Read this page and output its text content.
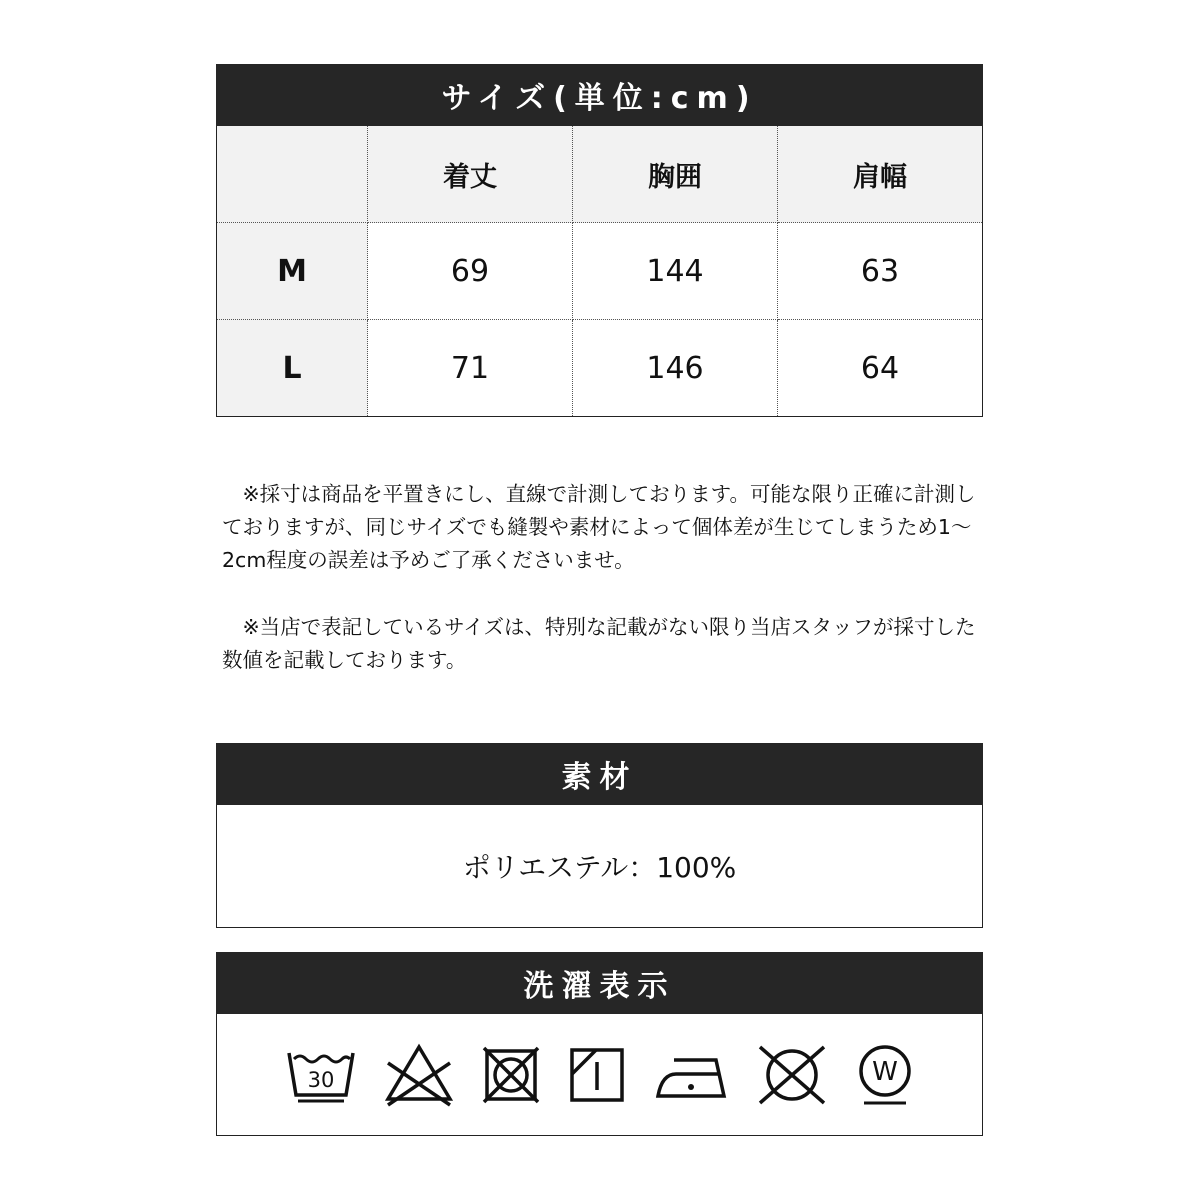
サイズ(単位:cm)
	着丈	胸囲	肩幅
M	69	144	63
L	71	146	64
　※採寸は商品を平置きにし、直線で計測しております。可能な限り正確に計測しておりますが、同じサイズでも縫製や素材によって個体差が生じてしまうため1～2cm程度の誤差は予めご了承くださいませ。
　※当店で表記しているサイズは、特別な記載がない限り当店スタッフが採寸した数値を記載しております。
素材
ポリエステル：100%
洗濯表示
30	W
